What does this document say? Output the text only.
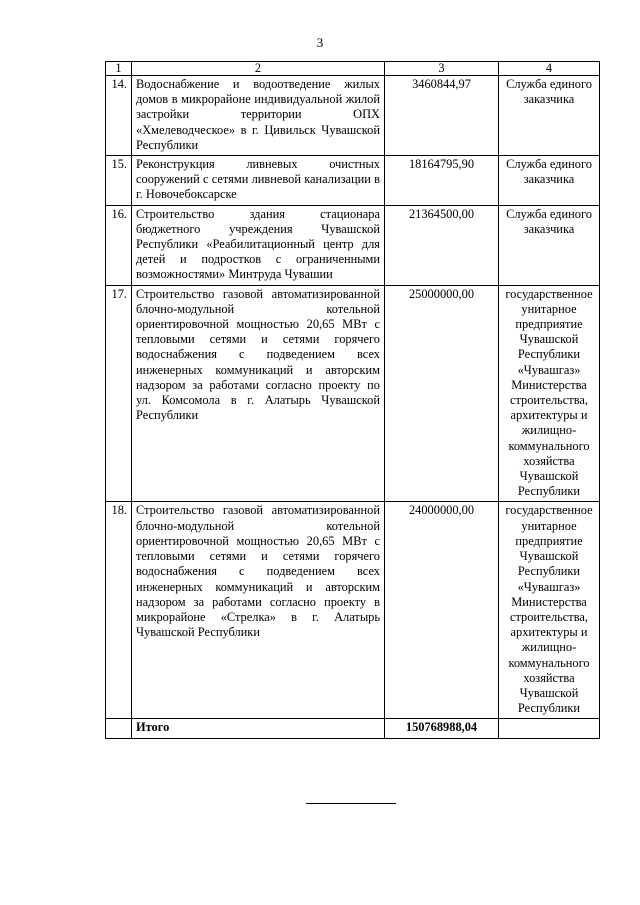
3
1	2	3	4
14.	Водоснабжение и водоотведение жилых домов в микрорайоне индивидуальной жилой застройки территории ОПХ «Хмелеводческое» в г. Цивильск Чувашской Республики	3460844,97	Служба единого заказчика
15.	Реконструкция ливневых очистных сооружений с сетями ливневой канализации в г. Новочебоксарске	18164795,90	Служба единого заказчика
16.	Строительство здания стационара бюджетного учреждения Чувашской Республики «Реабилитационный центр для детей и подростков с ограниченными возможностями» Минтруда Чувашии	21364500,00	Служба единого заказчика
17.	Строительство газовой автоматизированной блочно-модульной котельной ориентировочной мощностью 20,65 МВт с тепловыми сетями и сетями горячего водоснабжения с подведением всех инженерных коммуникаций и авторским надзором за работами согласно проекту по ул. Комсомола в г. Алатырь Чувашской Республики	25000000,00	государственное унитарное предприятие Чувашской Республики «Чувашгаз» Министерства строительства, архитектуры и жилищно-коммунального хозяйства Чувашской Республики
18.	Строительство газовой автоматизированной блочно-модульной котельной ориентировочной мощностью 20,65 МВт с тепловыми сетями и сетями горячего водоснабжения с подведением всех инженерных коммуникаций и авторским надзором за работами согласно проекту в микрорайоне «Стрелка» в г. Алатырь Чувашской Республики	24000000,00	государственное унитарное предприятие Чувашской Республики «Чувашгаз» Министерства строительства, архитектуры и жилищно-коммунального хозяйства Чувашской Республики
	Итого	150768988,04	
